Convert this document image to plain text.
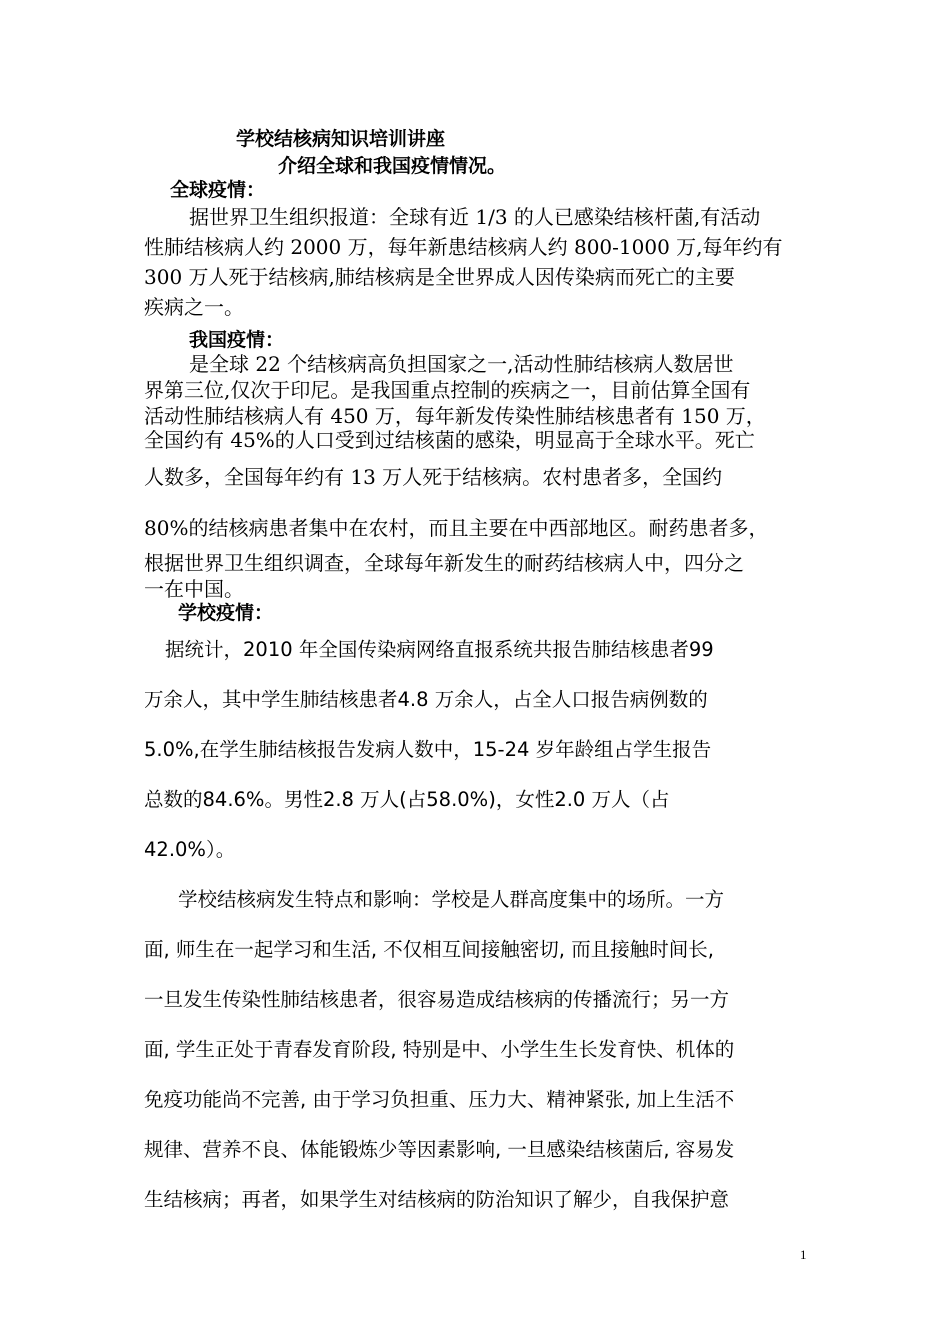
学校结核病知识培训讲座

介绍全球和我国疫情情况。

全球疫情：

据世界卫生组织报道：全球有近 1/3 的人已感染结核杆菌,有活动

性肺结核病人约 2000 万，每年新患结核病人约 800-1000 万,每年约有

300 万人死于结核病,肺结核病是全世界成人因传染病而死亡的主要

疾病之一。

我国疫情：

是全球 22 个结核病高负担国家之一,活动性肺结核病人数居世

界第三位,仅次于印尼。是我国重点控制的疾病之一，目前估算全国有

活动性肺结核病人有 450 万，每年新发传染性肺结核患者有 150 万，

全国约有 45%的人口受到过结核菌的感染，明显高于全球水平。死亡

人数多，全国每年约有 13 万人死于结核病。农村患者多，全国约

80%的结核病患者集中在农村，而且主要在中西部地区。耐药患者多，

根据世界卫生组织调查，全球每年新发生的耐药结核病人中，四分之

一在中国。

学校疫情：

据统计，2010 年全国传染病网络直报系统共报告肺结核患者99

万余人，其中学生肺结核患者4.8 万余人，占全人口报告病例数的

5.0%,在学生肺结核报告发病人数中，15-24 岁年龄组占学生报告

总数的84.6%。男性2.8 万人(占58.0%)，女性2.0 万人（占

42.0%）。

学校结核病发生特点和影响：学校是人群高度集中的场所。一方

面, 师生在一起学习和生活, 不仅相互间接触密切, 而且接触时间长,

一旦发生传染性肺结核患者，很容易造成结核病的传播流行；另一方

面, 学生正处于青春发育阶段, 特别是中、小学生生长发育快、机体的

免疫功能尚不完善, 由于学习负担重、压力大、精神紧张, 加上生活不

规律、营养不良、体能锻炼少等因素影响, 一旦感染结核菌后, 容易发

生结核病；再者，如果学生对结核病的防治知识了解少，自我保护意

1
